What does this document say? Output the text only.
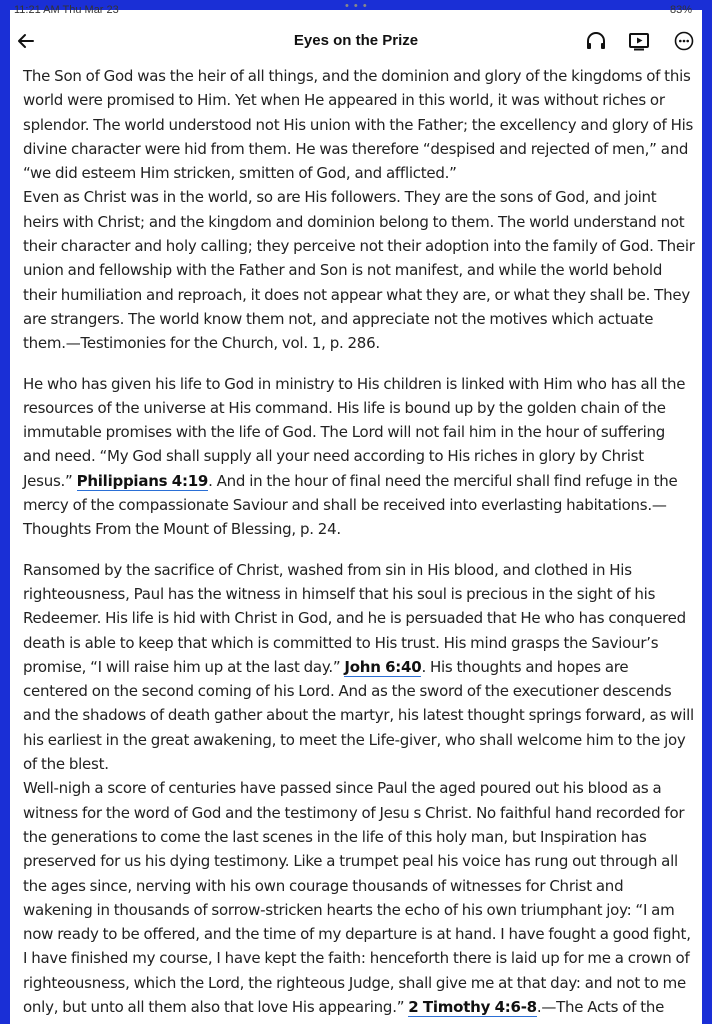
11:21 AM Thu Mar 23	• • •	83%
Eyes on the Prize

The Son of God was the heir of all things, and the dominion and glory of the kingdoms of this world were promised to Him. Yet when He appeared in this world, it was without riches or splendor. The world understood not His union with the Father; the excellency and glory of His divine character were hid from them. He was therefore “despised and rejected of men,” and “we did esteem Him stricken, smitten of God, and afflicted.”

Even as Christ was in the world, so are His followers. They are the sons of God, and joint heirs with Christ; and the kingdom and dominion belong to them. The world understand not their character and holy calling; they perceive not their adoption into the family of God. Their union and fellowship with the Father and Son is not manifest, and while the world behold their humiliation and reproach, it does not appear what they are, or what they shall be. They are strangers. The world know them not, and appreciate not the motives which actuate them.—Testimonies for the Church, vol. 1, p. 286.

He who has given his life to God in ministry to His children is linked with Him who has all the resources of the universe at His command. His life is bound up by the golden chain of the immutable promises with the life of God. The Lord will not fail him in the hour of suffering and need. “My God shall supply all your need according to His riches in glory by Christ Jesus.” Philippians 4:19. And in the hour of final need the merciful shall find refuge in the mercy of the compassionate Saviour and shall be received into everlasting habitations.—Thoughts From the Mount of Blessing, p. 24.

Ransomed by the sacrifice of Christ, washed from sin in His blood, and clothed in His righteousness, Paul has the witness in himself that his soul is precious in the sight of his Redeemer. His life is hid with Christ in God, and he is persuaded that He who has conquered death is able to keep that which is committed to His trust. His mind grasps the Saviour’s promise, “I will raise him up at the last day.” John 6:40. His thoughts and hopes are centered on the second coming of his Lord. And as the sword of the executioner descends and the shadows of death gather about the martyr, his latest thought springs forward, as will his earliest in the great awakening, to meet the Life-giver, who shall welcome him to the joy of the blest.

Well-nigh a score of centuries have passed since Paul the aged poured out his blood as a witness for the word of God and the testimony of Jesu s Christ. No faithful hand recorded for the generations to come the last scenes in the life of this holy man, but Inspiration has preserved for us his dying testimony. Like a trumpet peal his voice has rung out through all the ages since, nerving with his own courage thousands of witnesses for Christ and wakening in thousands of sorrow-stricken hearts the echo of his own triumphant joy: “I am now ready to be offered, and the time of my departure is at hand. I have fought a good fight, I have finished my course, I have kept the faith: henceforth there is laid up for me a crown of righteousness, which the Lord, the righteous Judge, shall give me at that day: and not to me only, but unto all them also that love His appearing.” 2 Timothy 4:6-8.—The Acts of the
